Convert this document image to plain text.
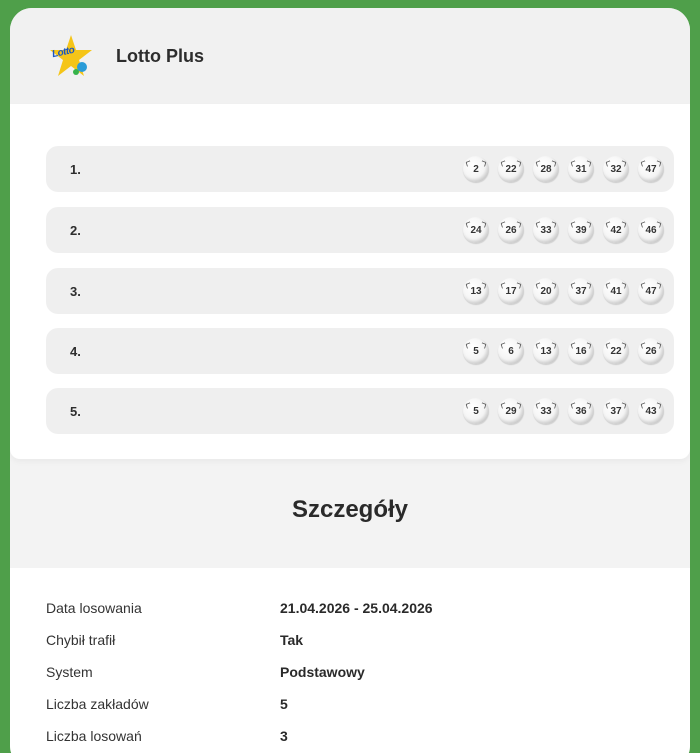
Lotto Lotto Plus
1.	2	22	28	31	32	47
2.	24	26	33	39	42	46
3.	13	17	20	37	41	47
4.	5	6	13	16	22	26
5.	5	29	33	36	37	43
Szczegóły
Data losowania	21.04.2026 - 25.04.2026
Chybił trafił	Tak
System	Podstawowy
Liczba zakładów	5
Liczba losowań	3
